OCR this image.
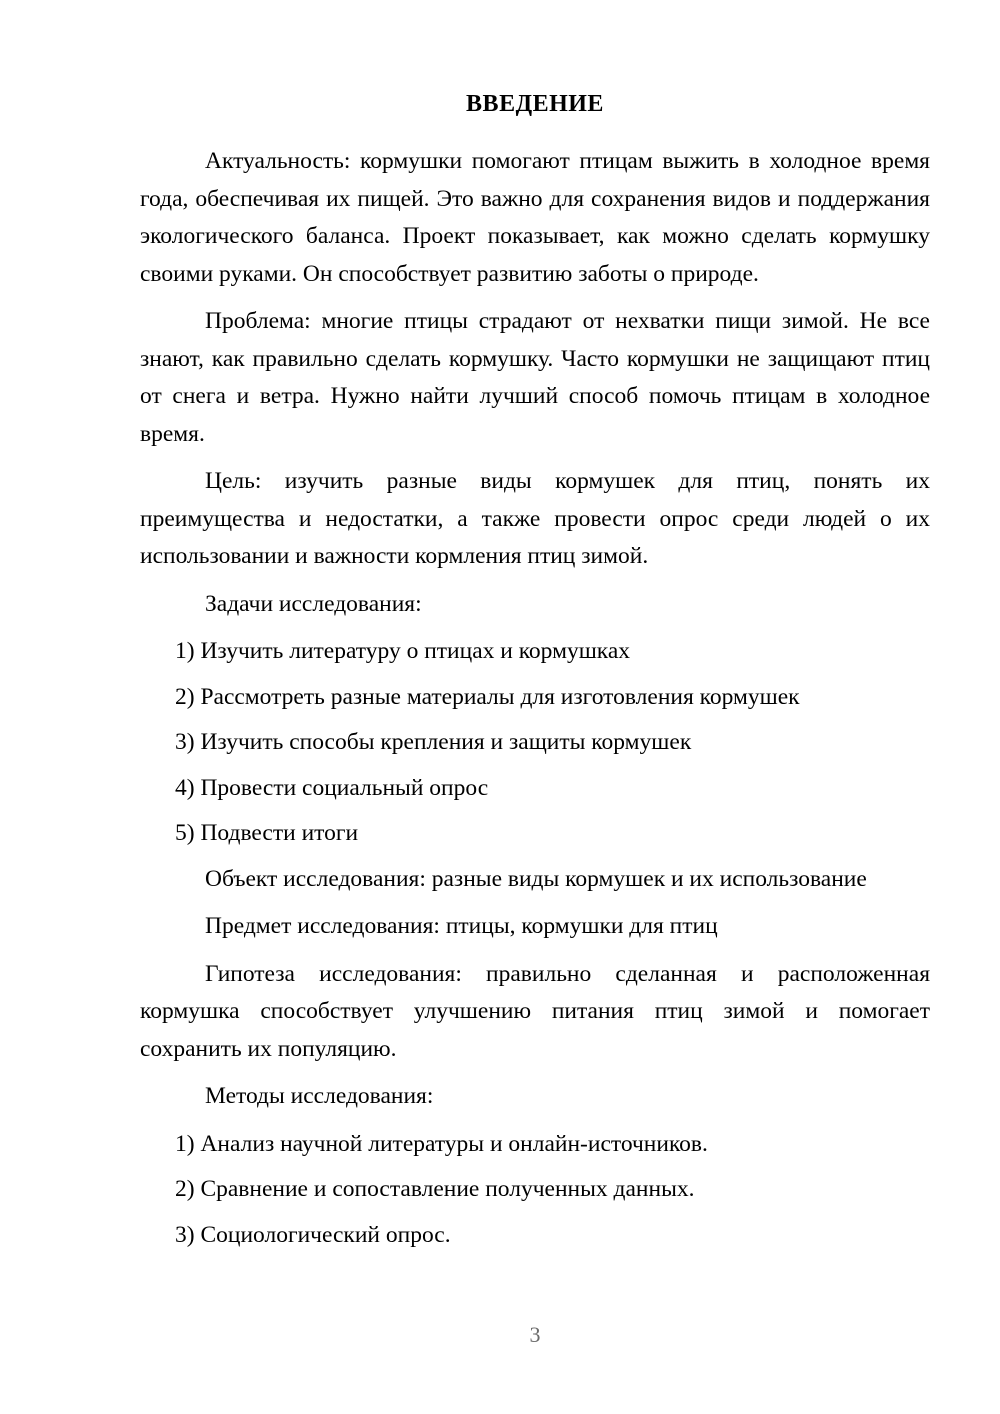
ВВЕДЕНИЕ

Актуальность: кормушки помогают птицам выжить в холодное время года, обеспечивая их пищей. Это важно для сохранения видов и поддержания экологического баланса. Проект показывает, как можно сделать кормушку своими руками. Он способствует развитию заботы о природе.

Проблема: многие птицы страдают от нехватки пищи зимой. Не все знают, как правильно сделать кормушку. Часто кормушки не защищают птиц от снега и ветра. Нужно найти лучший способ помочь птицам в холодное время.

Цель: изучить разные виды кормушек для птиц, понять их преимущества и недостатки, а также провести опрос среди людей о их использовании и важности кормления птиц зимой.

Задачи исследования:

1) Изучить литературу о птицах и кормушках

2) Рассмотреть разные материалы для изготовления кормушек

3) Изучить способы крепления и защиты кормушек

4) Провести социальный опрос

5) Подвести итоги

Объект исследования: разные виды кормушек и их использование

Предмет исследования: птицы, кормушки для птиц

Гипотеза исследования: правильно сделанная и расположенная кормушка способствует улучшению питания птиц зимой и помогает сохранить их популяцию.

Методы исследования:

1) Анализ научной литературы и онлайн-источников.

2) Сравнение и сопоставление полученных данных.

3) Социологический опрос.

3
